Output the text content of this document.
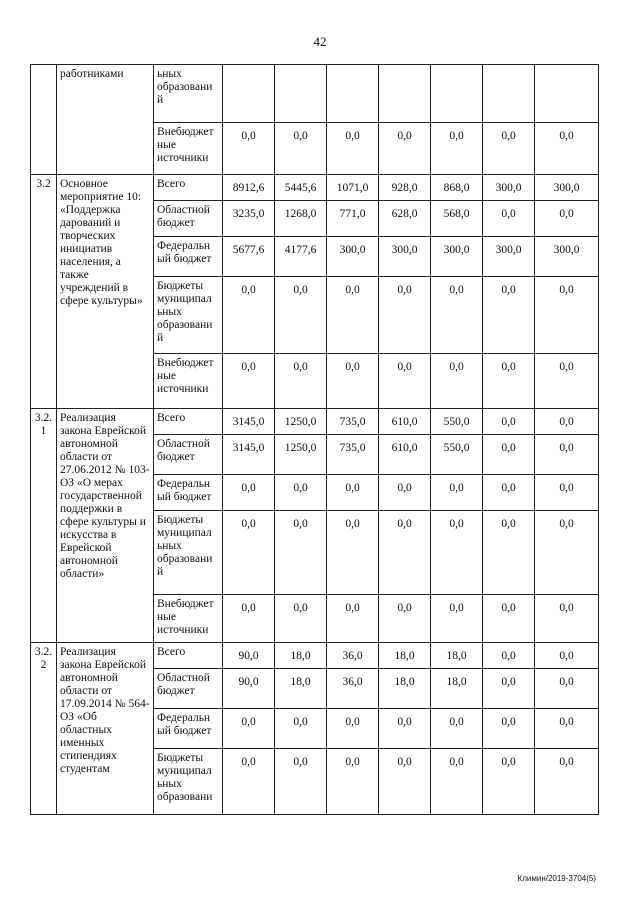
42
	работниками	ьных образовани й							
		Внебюджет ные источники	0,0	0,0	0,0	0,0	0,0	0,0	0,0
3.2	Основное мероприятие 10: «Поддержка дарований и творческих инициатив населения, а также учреждений в сфере культуры»	Всего	8912,6	5445,6	1071,0	928,0	868,0	300,0	300,0
		Областной бюджет	3235,0	1268,0	771,0	628,0	568,0	0,0	0,0
		Федеральн ый бюджет	5677,6	4177,6	300,0	300,0	300,0	300,0	300,0
		Бюджеты муниципал ьных образовани й	0,0	0,0	0,0	0,0	0,0	0,0	0,0
		Внебюджет ные источники	0,0	0,0	0,0	0,0	0,0	0,0	0,0
3.2. 1	Реализация закона Еврейской автономной области от 27.06.2012 № 103-ОЗ «О мерах государственной поддержки в сфере культуры и искусства в Еврейской автономной области»	Всего	3145,0	1250,0	735,0	610,0	550,0	0,0	0,0
		Областной бюджет	3145,0	1250,0	735,0	610,0	550,0	0,0	0,0
		Федеральн ый бюджет	0,0	0,0	0,0	0,0	0,0	0,0	0,0
		Бюджеты муниципал ьных образовани й	0,0	0,0	0,0	0,0	0,0	0,0	0,0
		Внебюджет ные источники	0,0	0,0	0,0	0,0	0,0	0,0	0,0
3.2. 2	Реализация закона Еврейской автономной области от 17.09.2014 № 564-ОЗ «Об областных именных стипендиях студентам	Всего	90,0	18,0	36,0	18,0	18,0	0,0	0,0
		Областной бюджет	90,0	18,0	36,0	18,0	18,0	0,0	0,0
		Федеральн ый бюджет	0,0	0,0	0,0	0,0	0,0	0,0	0,0
		Бюджеты муниципал ьных образовани	0,0	0,0	0,0	0,0	0,0	0,0	0,0
Климин/2019-3704(5)
